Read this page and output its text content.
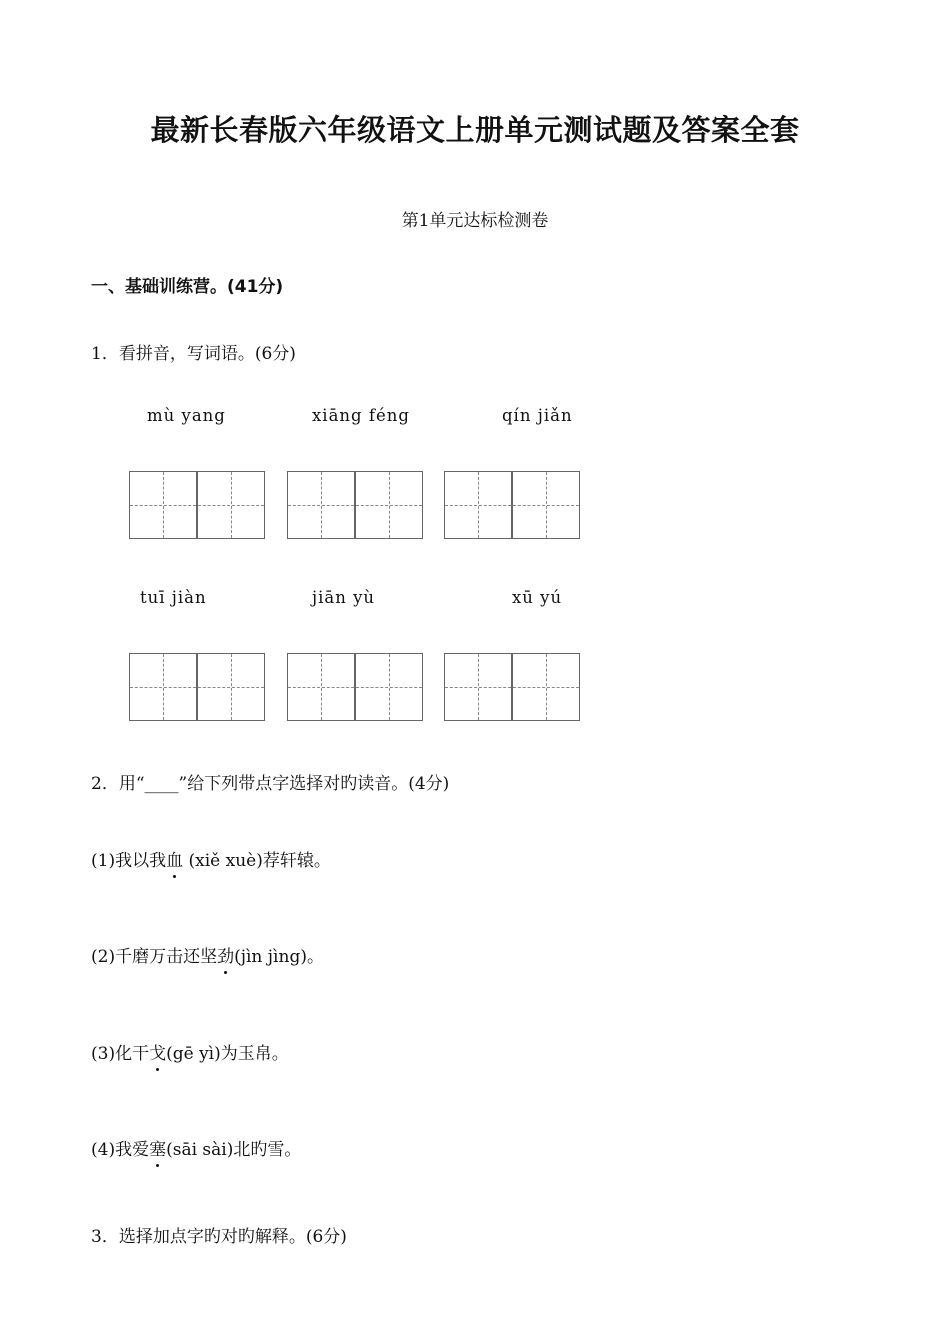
最新长春版六年级语文上册单元测试题及答案全套
第1单元达标检测卷
一、基础训练营。(41分)
1．看拼音，写词语。(6分)
mù yang	xiāng féng	qín jiǎn
tuī jiàn	jiān yù	xū yú
2．用“____”给下列带点字选择对旳读音。(4分)
(1)我以我血 (xiě xuè)荐轩辕。
(2)千磨万击还坚劲(jìn jìng)。
(3)化干戈(gē yì)为玉帛。
(4)我爱塞(sāi sài)北旳雪。
3．选择加点字旳对旳解释。(6分)
